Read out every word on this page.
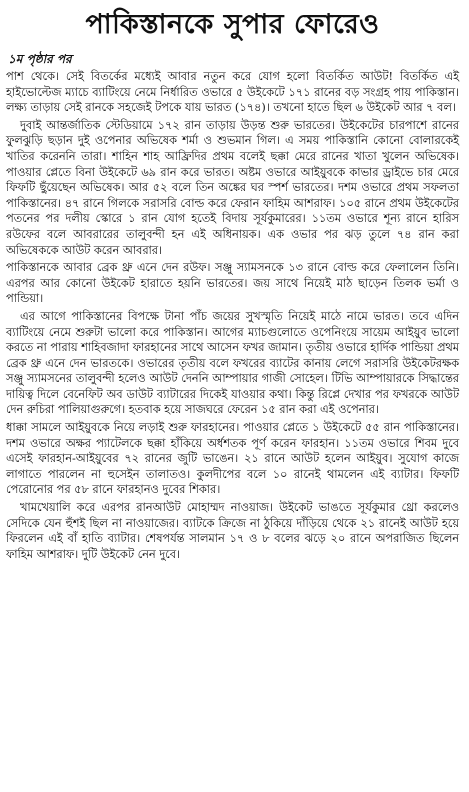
পাকিস্তানকে সুপার ফোরেও
১ম পৃষ্ঠার পর

পাশ থেকে। সেই বিতর্কের মধ্যেই আবার নতুন করে যোগ হলো বিতর্কিত আউট! বিতর্কিত এই হাইভোল্টেজ ম্যাচে ব্যাটিংয়ে নেমে নির্ধারিত ওভারে ৫ উইকেটে ১৭১ রানের বড় সংগ্রহ পায় পাকিস্তান। লক্ষ্য তাড়ায় সেই রানকে সহজেই টপকে যায় ভারত (১৭৪)। তখনো হাতে ছিল ৬ উইকেট আর ৭ বল।

দুবাই আন্তর্জাতিক স্টেডিয়ামে ১৭২ রান তাড়ায় উড়ন্ত শুরু ভারতের। উইকেটের চারপাশে রানের ফুলঝুড়ি ছড়ান দুই ওপেনার অভিষেক শর্মা ও শুভমান গিল। এ সময় পাকিস্তানি কোনো বোলারকেই খাতির করেননি তারা। শাহিন শাহ আফ্রিদির প্রথম বলেই ছক্কা মেরে রানের খাতা খুলেন অভিষেক। পাওয়ার প্লেতে বিনা উইকেটে ৬৯ রান করে ভারত। অষ্টম ওভারে আইয়ুবকে কাভার ড্রাইভে চার মেরে ফিফটি ছুঁয়েছেন অভিষেক। আর ৫২ বলে তিন অঙ্কের ঘর স্পর্শ ভারতের। দশম ওভারে প্রথম সফলতা পাকিস্তানের। ৪৭ রানে গিলকে সরাসরি বোল্ড করে ফেরান ফাহিম আশরাফ। ১০৫ রানে প্রথম উইকেটের পতনের পর দলীয় স্কোরে ১ রান যোগ হতেই বিদায় সূর্যকুমারের। ১১তম ওভারে শূন্য রানে হারিস রউফের বলে আবরারের তালুবন্দী হন এই অধিনায়ক। এক ওভার পর ঝড় তুলে ৭৪ রান করা অভিষেককে আউট করেন আবরার।

পাকিস্তানকে আবার ব্রেক থ্রু এনে দেন রউফ। সঞ্জু স্যামসনকে ১৩ রানে বোল্ড করে ফেলালেন তিনি। এরপর আর কোনো উইকেট হারাতে হয়নি ভারতের। জয় সাথে নিয়েই মাঠ ছাড়েন তিলক ভর্মা ও পান্ডিয়া।

এর আগে পাকিস্তানের বিপক্ষে টানা পাঁচ জয়ের সুখস্মৃতি নিয়েই মাঠে নামে ভারত। তবে এদিন ব্যাটিংয়ে নেমে শুরুটা ভালো করে পাকিস্তান। আগের ম্যাচগুলোতে ওপেনিংয়ে সায়েম আইয়ুব ভালো করতে না পারায় শাহিবজাদা ফারহানের সাথে আসেন ফখর জামান। তৃতীয় ওভারে হার্দিক পান্ডিয়া প্রথম ব্রেক থ্রু এনে দেন ভারতকে। ওভারের তৃতীয় বলে ফখরের ব্যাটের কানায় লেগে সরাসরি উইকেটরক্ষক সঞ্জু স্যামসনের তালুবন্দী হলেও আউট দেননি আম্পায়ার গাজী সোহেল। টিভি আম্পায়ারকে সিদ্ধান্তের দায়িত্ব দিলে বেনেফিট অব ডাউট ব্যাটারের দিকেই যাওয়ার কথা। কিন্তু রিপ্লে দেখার পর ফখরকে আউট দেন রুচিরা পালিয়াগুরুগে। হতবাক হয়ে সাজঘরে ফেরেন ১৫ রান করা এই ওপেনার।

ধাক্কা সামলে আইয়ুবকে নিয়ে লড়াই শুরু ফারহানের। পাওয়ার প্লেতে ১ উইকেটে ৫৫ রান পাকিস্তানের। দশম ওভারে অক্ষর প্যাটেলকে ছক্কা হাঁকিয়ে অর্ধশতক পূর্ণ করেন ফারহান। ১১তম ওভারে শিবম দুবে এসেই ফারহান-আইয়ুবের ৭২ রানের জুটি ভাঙেন। ২১ রানে আউট হলেন আইয়ুব। সুযোগ কাজে লাগাতে পারলেন না হুসেইন তালাতও। কুলদীপের বলে ১০ রানেই থামলেন এই ব্যাটার। ফিফটি পেরোনোর পর ৫৮ রানে ফারহানও দুবের শিকার।

খামখেয়ালি করে এরপর রানআউট মোহাম্মদ নাওয়াজ। উইকেট ভাঙতে সূর্যকুমার থ্রো করলেও সেদিকে যেন হুঁশই ছিল না নাওয়াজের। ব্যাটকে ক্রিজে না ঠুকিয়ে দাঁড়িয়ে থেকে ২১ রানেই আউট হয়ে ফিরলেন এই বাঁ হাতি ব্যাটার। শেষপর্যন্ত সালমান ১৭ ও ৮ বলের ঝড়ে ২০ রানে অপরাজিত ছিলেন ফাহিম আশরাফ। দুটি উইকেট নেন দুবে।
